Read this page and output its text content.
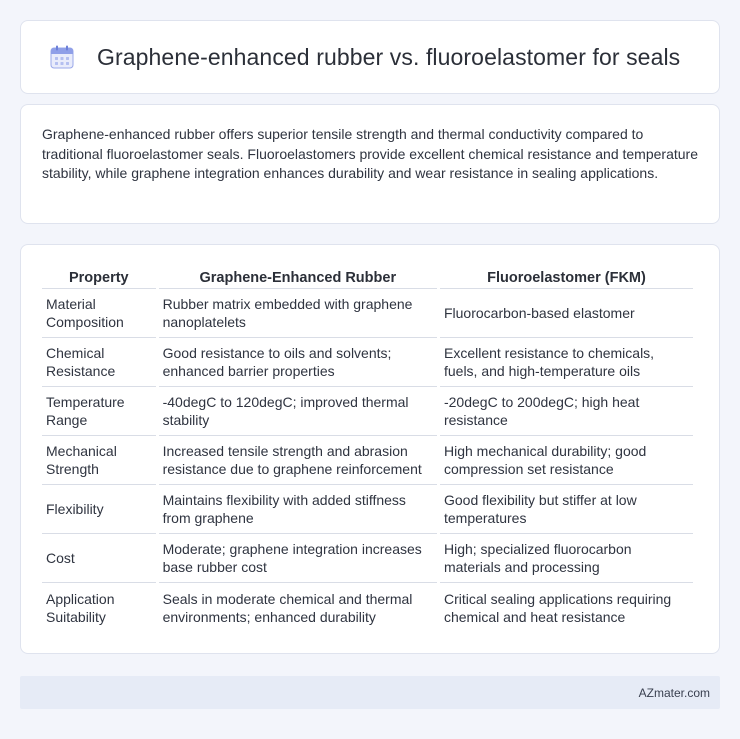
Graphene-enhanced rubber vs. fluoroelastomer for seals

Graphene-enhanced rubber offers superior tensile strength and thermal conductivity compared to traditional fluoroelastomer seals. Fluoroelastomers provide excellent chemical resistance and temperature stability, while graphene integration enhances durability and wear resistance in sealing applications.

Property	Graphene-Enhanced Rubber	Fluoroelastomer (FKM)
Material Composition	Rubber matrix embedded with graphene nanoplatelets	Fluorocarbon-based elastomer
Chemical Resistance	Good resistance to oils and solvents; enhanced barrier properties	Excellent resistance to chemicals, fuels, and high-temperature oils
Temperature Range	-40degC to 120degC; improved thermal stability	-20degC to 200degC; high heat resistance
Mechanical Strength	Increased tensile strength and abrasion resistance due to graphene reinforcement	High mechanical durability; good compression set resistance
Flexibility	Maintains flexibility with added stiffness from graphene	Good flexibility but stiffer at low temperatures
Cost	Moderate; graphene integration increases base rubber cost	High; specialized fluorocarbon materials and processing
Application Suitability	Seals in moderate chemical and thermal environments; enhanced durability	Critical sealing applications requiring chemical and heat resistance
AZmater.com
